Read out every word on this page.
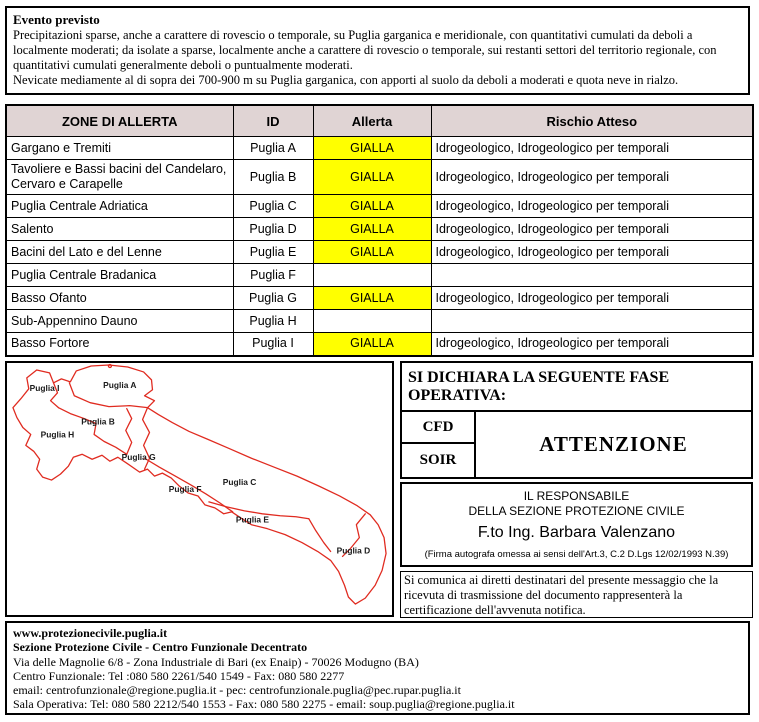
Evento previsto
Precipitazioni sparse, anche a carattere di rovescio o temporale, su Puglia garganica e meridionale, con quantitativi cumulati da deboli a localmente moderati; da isolate a sparse, localmente anche a carattere di rovescio o temporale, sui restanti settori del territorio regionale, con quantitativi cumulati generalmente deboli o puntualmente moderati.
Nevicate mediamente al di sopra dei 700-900 m su Puglia garganica, con apporti al suolo da deboli a moderati e quota neve in rialzo.
ZONE DI ALLERTA	ID	Allerta	Rischio Atteso
Gargano e Tremiti	Puglia A	GIALLA	Idrogeologico, Idrogeologico per temporali
Tavoliere e Bassi bacini del Candelaro, Cervaro e Carapelle	Puglia B	GIALLA	Idrogeologico, Idrogeologico per temporali
Puglia Centrale Adriatica	Puglia C	GIALLA	Idrogeologico, Idrogeologico per temporali
Salento	Puglia D	GIALLA	Idrogeologico, Idrogeologico per temporali
Bacini del Lato e del Lenne	Puglia E	GIALLA	Idrogeologico, Idrogeologico per temporali
Puglia Centrale Bradanica	Puglia F		
Basso Ofanto	Puglia G	GIALLA	Idrogeologico, Idrogeologico per temporali
Sub-Appennino Dauno	Puglia H		
Basso Fortore	Puglia I	GIALLA	Idrogeologico, Idrogeologico per temporali
Puglia I	Puglia A
Puglia B
Puglia H
Puglia G
Puglia C
Puglia F
Puglia E
Puglia D
SI DICHIARA LA SEGUENTE FASE OPERATIVA:
CFD
ATTENZIONE
SOIR
IL RESPONSABILE
DELLA SEZIONE PROTEZIONE CIVILE
F.to Ing. Barbara Valenzano
(Firma autografa omessa ai sensi dell'Art.3, C.2 D.Lgs 12/02/1993 N.39)
Si comunica ai diretti destinatari del presente messaggio che la ricevuta di trasmissione del documento rappresenterà la certificazione dell'avvenuta notifica.
www.protezionecivile.puglia.it
Sezione Protezione Civile - Centro Funzionale Decentrato
Via delle Magnolie 6/8 - Zona Industriale di Bari (ex Enaip) - 70026 Modugno (BA)
Centro Funzionale: Tel :080 580 2261/540 1549 - Fax: 080 580 2277
email: centrofunzionale@regione.puglia.it - pec: centrofunzionale.puglia@pec.rupar.puglia.it
Sala Operativa: Tel: 080 580 2212/540 1553 - Fax: 080 580 2275 - email: soup.puglia@regione.puglia.it
